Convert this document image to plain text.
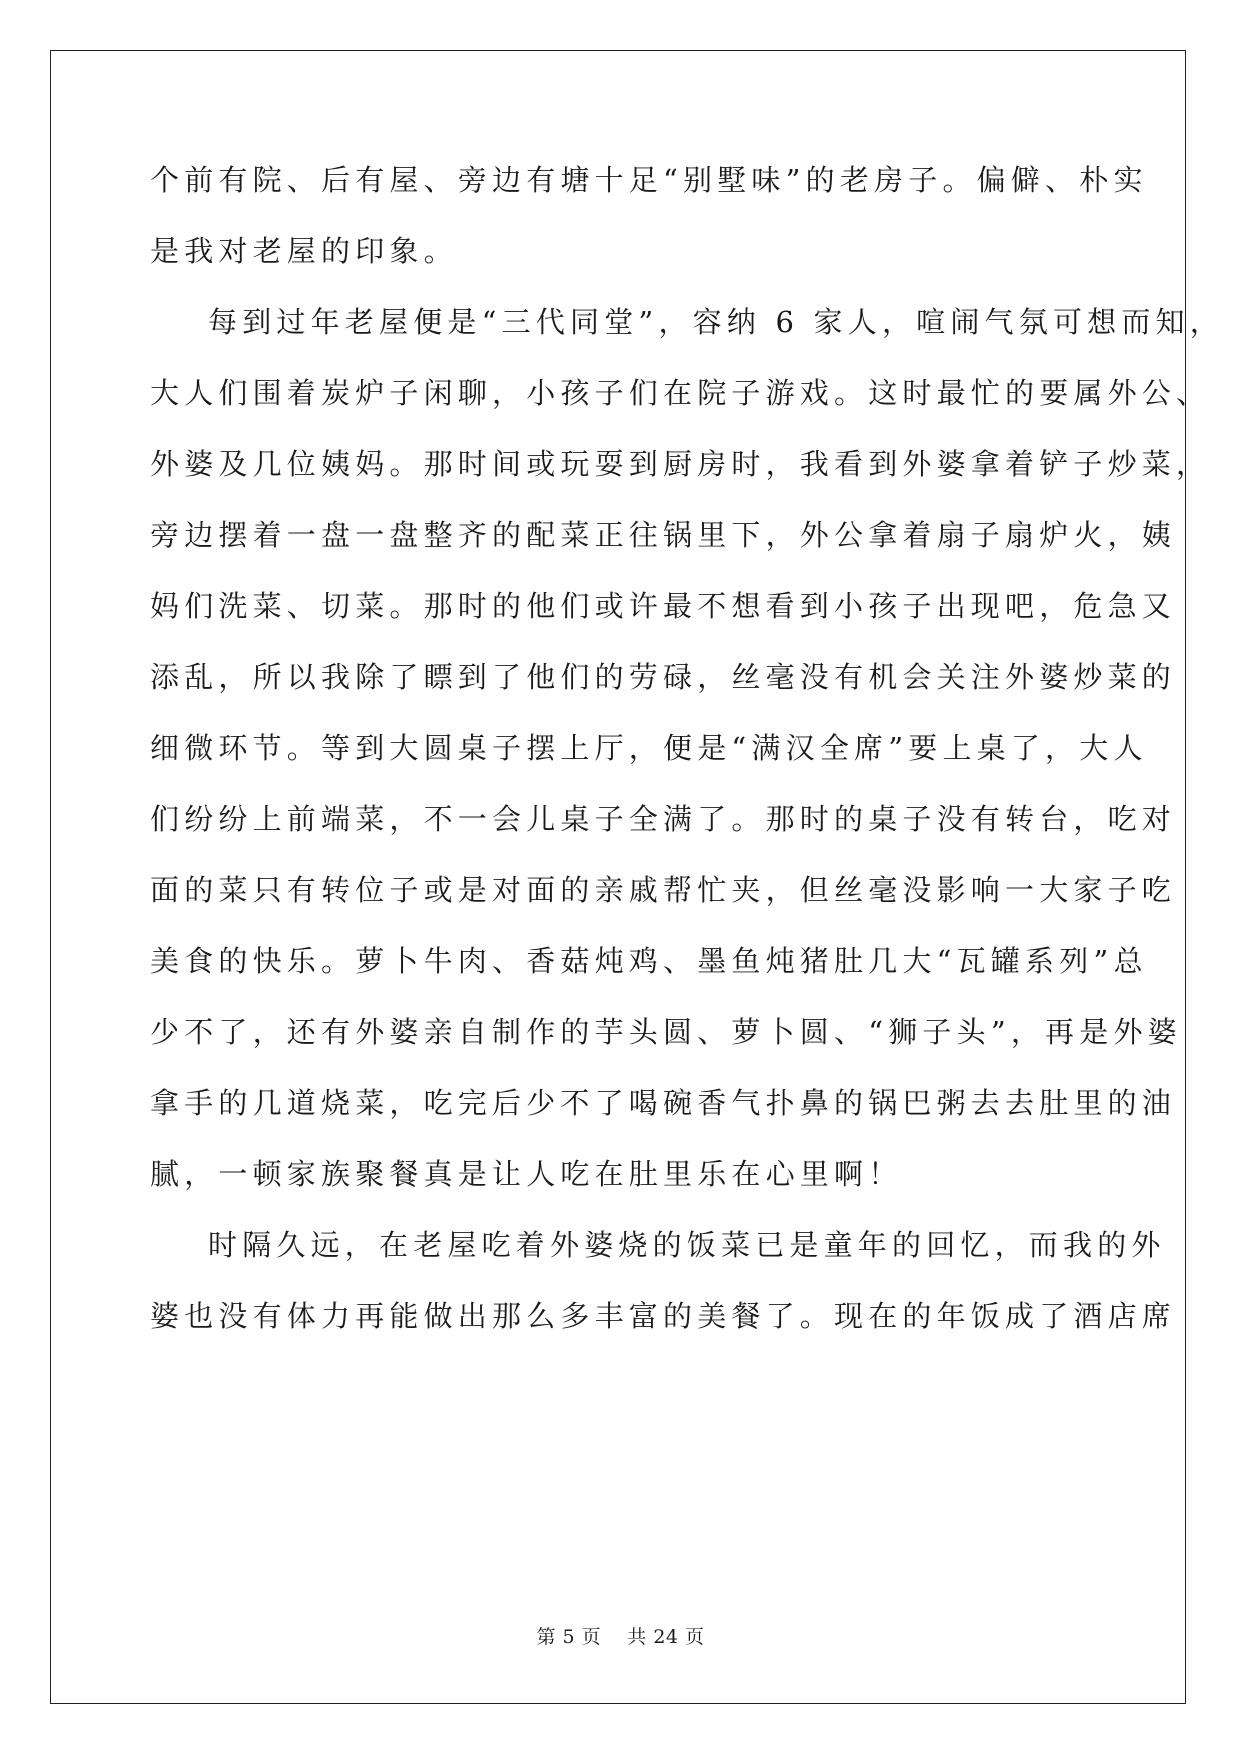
个前有院、后有屋、旁边有塘十足“别墅味”的老房子。偏僻、朴实
是我对老屋的印象。
每到过年老屋便是“三代同堂”，容纳 6 家人，喧闹气氛可想而知，
大人们围着炭炉子闲聊，小孩子们在院子游戏。这时最忙的要属外公、
外婆及几位姨妈。那时间或玩耍到厨房时，我看到外婆拿着铲子炒菜，
旁边摆着一盘一盘整齐的配菜正往锅里下，外公拿着扇子扇炉火，姨
妈们洗菜、切菜。那时的他们或许最不想看到小孩子出现吧，危急又
添乱，所以我除了瞟到了他们的劳碌，丝毫没有机会关注外婆炒菜的
细微环节。等到大圆桌子摆上厅，便是“满汉全席”要上桌了，大人
们纷纷上前端菜，不一会儿桌子全满了。那时的桌子没有转台，吃对
面的菜只有转位子或是对面的亲戚帮忙夹，但丝毫没影响一大家子吃
美食的快乐。萝卜牛肉、香菇炖鸡、墨鱼炖猪肚几大“瓦罐系列”总
少不了，还有外婆亲自制作的芋头圆、萝卜圆、“狮子头”，再是外婆
拿手的几道烧菜，吃完后少不了喝碗香气扑鼻的锅巴粥去去肚里的油
腻，一顿家族聚餐真是让人吃在肚里乐在心里啊！
时隔久远，在老屋吃着外婆烧的饭菜已是童年的回忆，而我的外
婆也没有体力再能做出那么多丰富的美餐了。现在的年饭成了酒店席
第 5 页    共 24 页
